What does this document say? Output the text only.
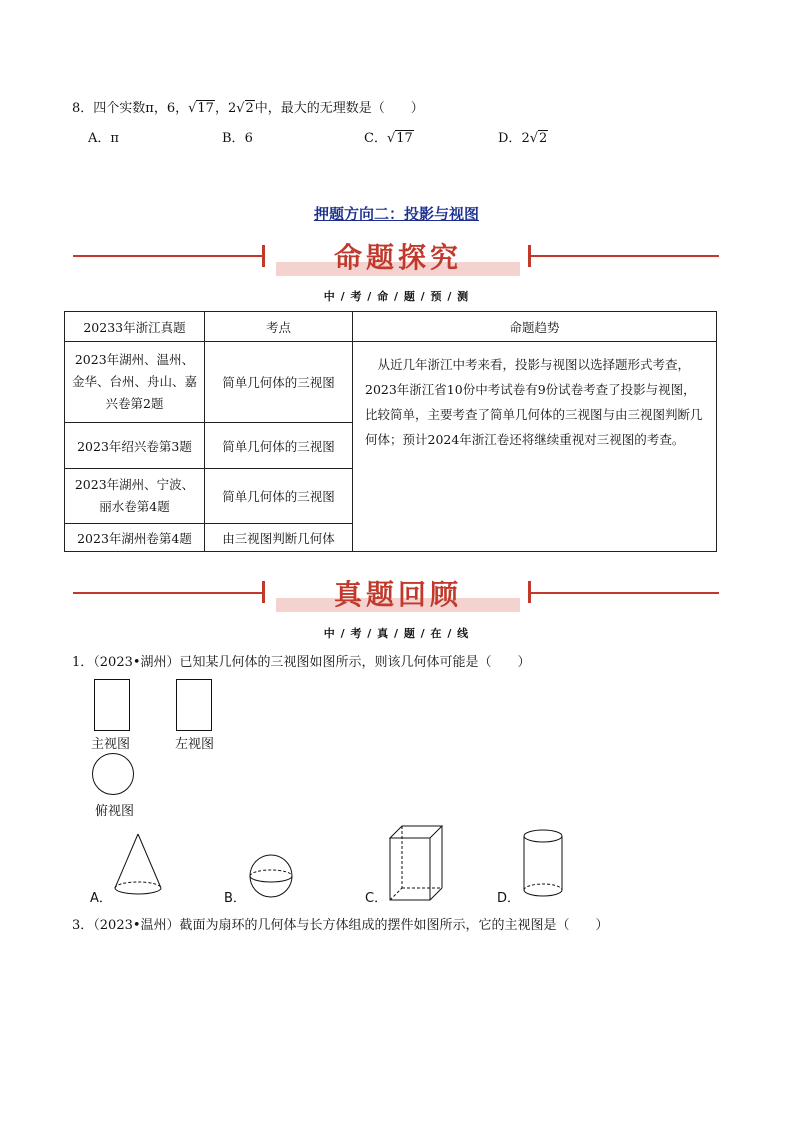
8．四个实数π，6，√17，2√2中，最大的无理数是（　　）
A．π	B．6	C．√17	D．2√2
押题方向二：投影与视图
命题探究
中 / 考 / 命 / 题 / 预 / 测
20233年浙江真题	考点	命题趋势
2023年湖州、温州、金华、台州、舟山、嘉兴卷第2题	简单几何体的三视图	从近几年浙江中考来看，投影与视图以选择题形式考查，2023年浙江省10份中考试卷有9份试卷考查了投影与视图，比较简单，主要考查了简单几何体的三视图与由三视图判断几何体；预计2024年浙江卷还将继续重视对三视图的考查。
2023年绍兴卷第3题	简单几何体的三视图	
2023年湖州、宁波、丽水卷第4题	简单几何体的三视图	
2023年湖州卷第4题	由三视图判断几何体	
真题回顾
中 / 考 / 真 / 题 / 在 / 线
1．（2023•湖州）已知某几何体的三视图如图所示，则该几何体可能是（　　）
主视图	左视图
俯视图
A．	B．	C．	D．
3．（2023•温州）截面为扇环的几何体与长方体组成的摆件如图所示，它的主视图是（　　）
